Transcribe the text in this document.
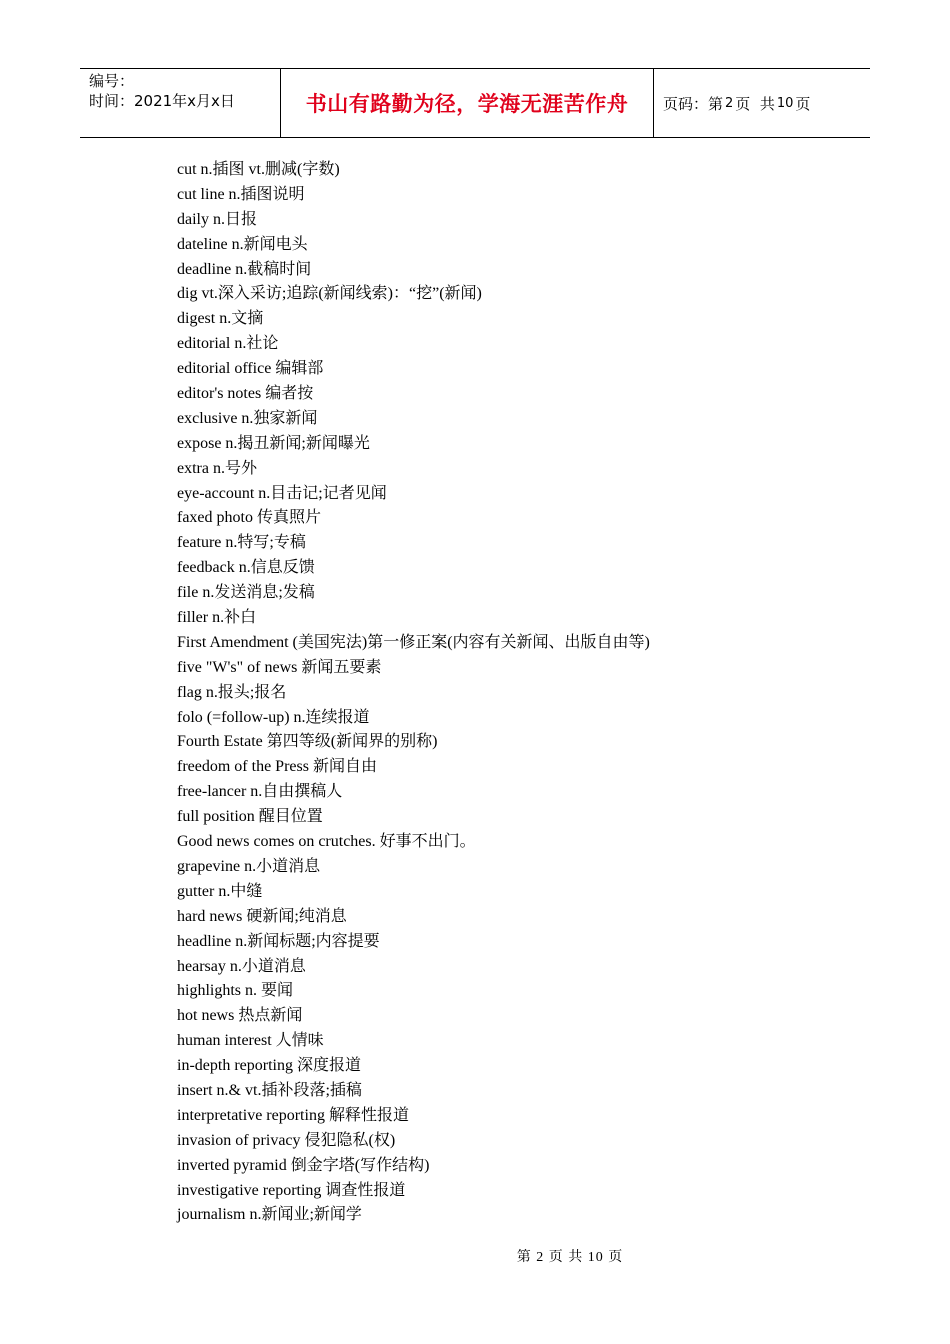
编号：
时间：2021年x月x日	书山有路勤为径，学海无涯苦作舟	页码：第 2 页  共 10 页
cut n.插图 vt.删减(字数)
cut line n.插图说明
daily n.日报
dateline n.新闻电头
deadline n.截稿时间
dig vt.深入采访;追踪(新闻线索)：“挖”(新闻)
digest n.文摘
editorial n.社论
editorial office 编辑部
editor's notes 编者按
exclusive n.独家新闻
expose n.揭丑新闻;新闻曝光
extra n.号外
eye-account n.目击记;记者见闻
faxed photo 传真照片
feature n.特写;专稿
feedback n.信息反馈
file n.发送消息;发稿
filler n.补白
First Amendment (美国宪法)第一修正案(内容有关新闻、出版自由等)
five "W's" of news 新闻五要素
flag n.报头;报名
folo (=follow-up) n.连续报道
Fourth Estate 第四等级(新闻界的别称)
freedom of the Press 新闻自由
free-lancer n.自由撰稿人
full position 醒目位置
Good news comes on crutches. 好事不出门。
grapevine n.小道消息
gutter n.中缝
hard news 硬新闻;纯消息
headline n.新闻标题;内容提要
hearsay n.小道消息
highlights n. 要闻
hot news 热点新闻
human interest 人情味
in-depth reporting 深度报道
insert n.& vt.插补段落;插稿
interpretative reporting 解释性报道
invasion of privacy 侵犯隐私(权)
inverted pyramid 倒金字塔(写作结构)
investigative reporting 调查性报道
journalism n.新闻业;新闻学
第 2 页 共 10 页
